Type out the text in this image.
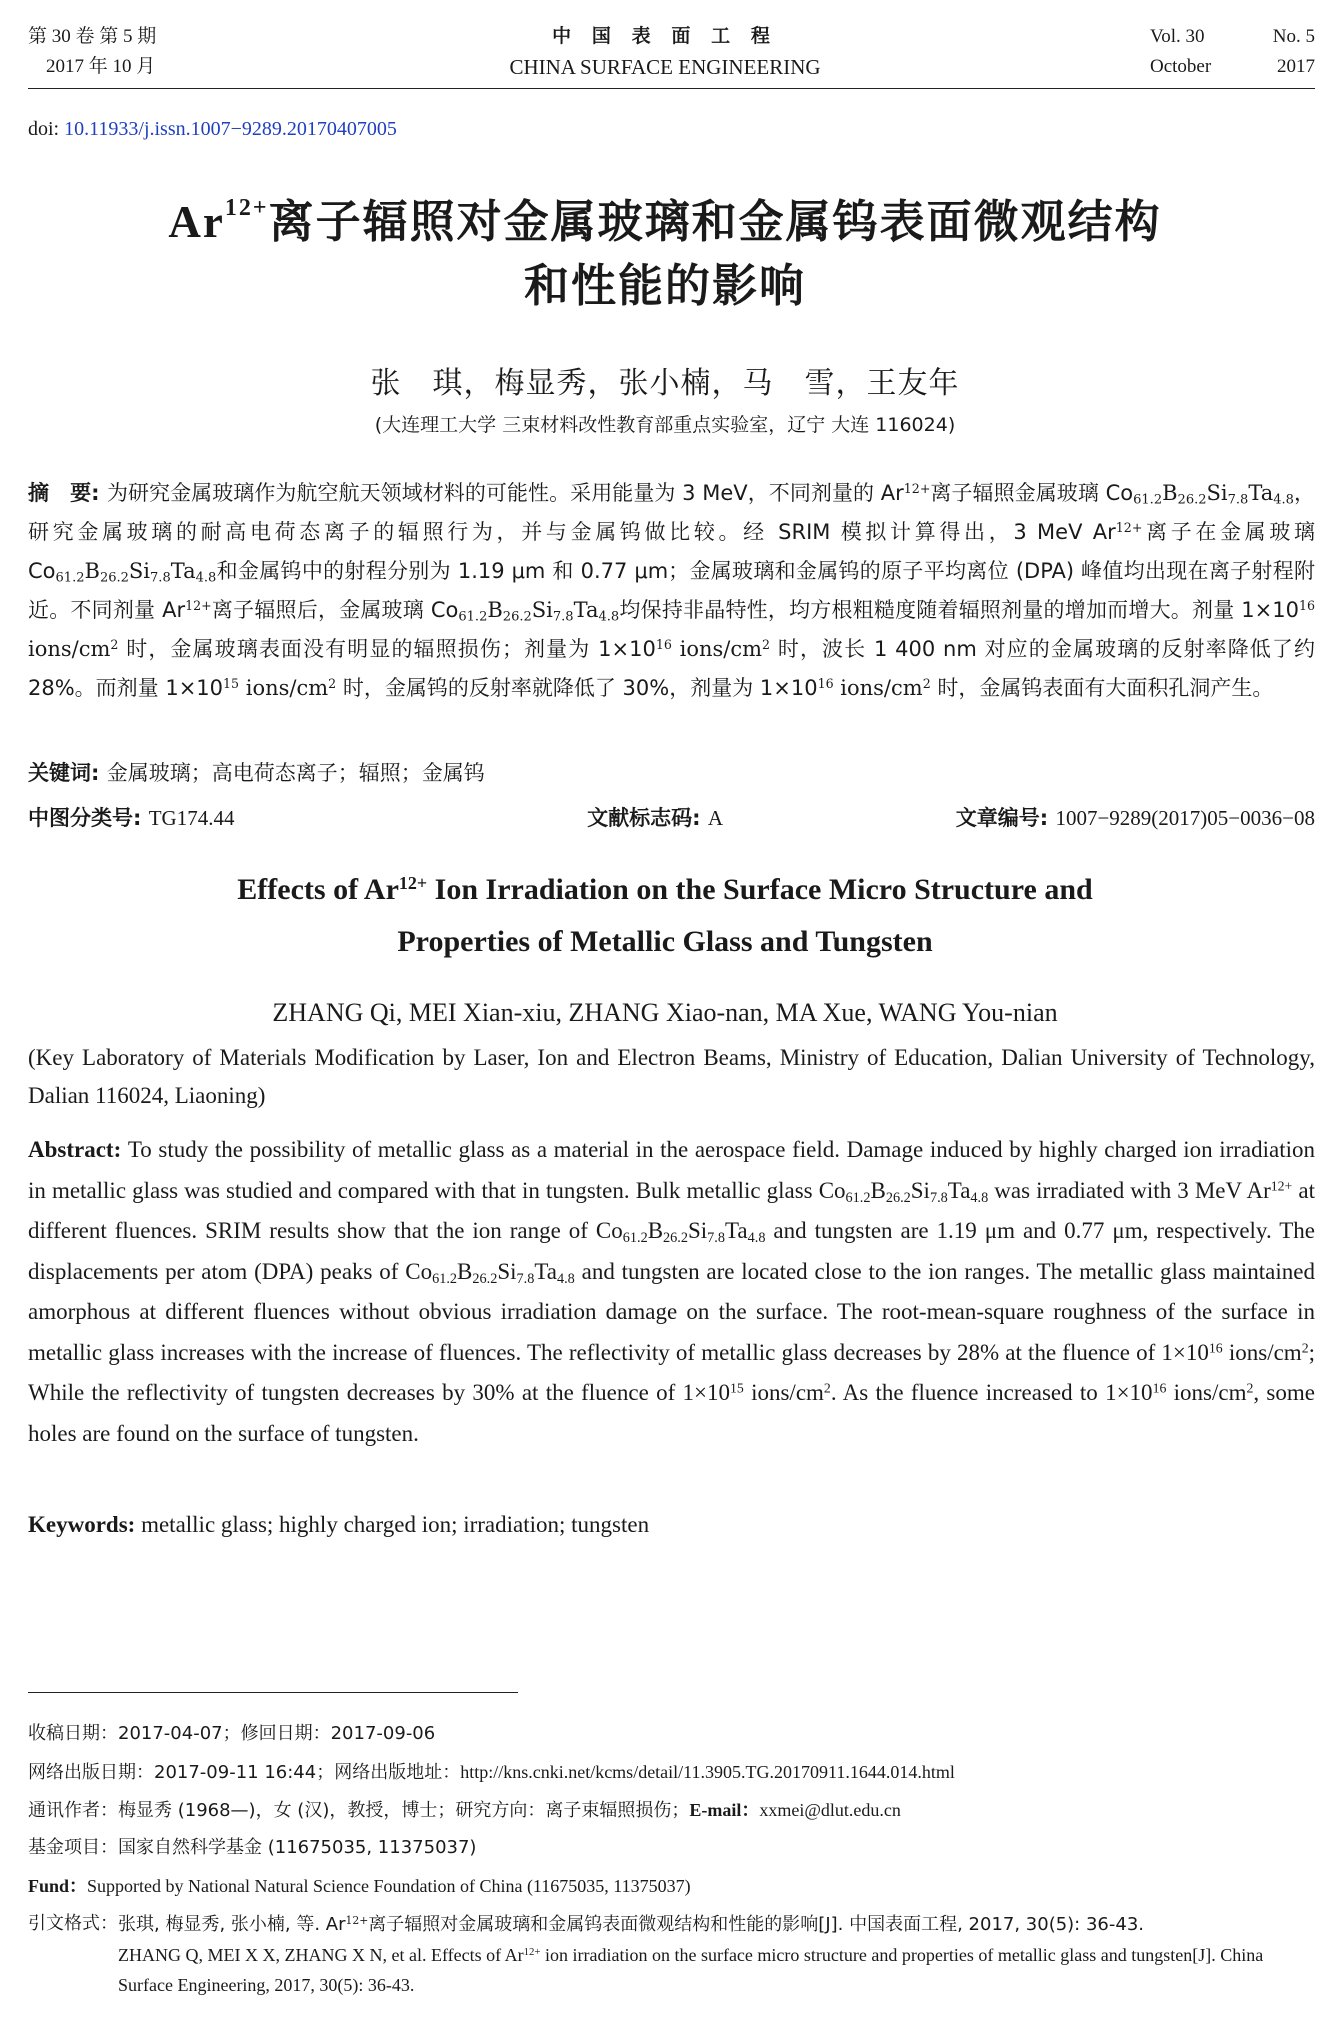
第 30 卷 第 5 期
2017 年 10 月
中 国 表 面 工 程
CHINA SURFACE ENGINEERING
Vol. 30	No. 5
October	2017
doi: 10.11933/j.issn.1007−9289.20170407005
$Ar^{12+}$离子辐照对金属玻璃和金属钨表面微观结构
和性能的影响
张　琪，梅显秀，张小楠，马　雪，王友年
(大连理工大学 三束材料改性教育部重点实验室，辽宁 大连 116024)
摘　要: 为研究金属玻璃作为航空航天领域材料的可能性。采用能量为 3 MeV，不同剂量的 $Ar^{12+}$离子辐照金属玻璃 $Co_{61.2}B_{26.2}Si_{7.8}Ta_{4.8}$，研究金属玻璃的耐高电荷态离子的辐照行为，并与金属钨做比较。经 SRIM 模拟计算得出，3 MeV $Ar^{12+}$离子在金属玻璃 $Co_{61.2}B_{26.2}Si_{7.8}Ta_{4.8}$和金属钨中的射程分别为 1.19 μm 和 0.77 μm；金属玻璃和金属钨的原子平均离位 (DPA) 峰值均出现在离子射程附近。不同剂量 $Ar^{12+}$离子辐照后，金属玻璃 $Co_{61.2}B_{26.2}Si_{7.8}Ta_{4.8}$均保持非晶特性，均方根粗糙度随着辐照剂量的增加而增大。剂量 $1\times 10^{16}$ ions/$cm^2$ 时，金属玻璃表面没有明显的辐照损伤；剂量为 $1\times 10^{16}$ ions/$cm^2$ 时，波长 1 400 nm 对应的金属玻璃的反射率降低了约 28%。而剂量 $1\times 10^{15}$ ions/$cm^2$ 时，金属钨的反射率就降低了 30%，剂量为 $1\times 10^{16}$ ions/$cm^2$ 时，金属钨表面有大面积孔洞产生。
关键词: 金属玻璃；高电荷态离子；辐照；金属钨
中图分类号: TG174.44	文献标志码: A	文章编号: 1007−9289(2017)05−0036−08
Effects of $Ar^{12+}$ Ion Irradiation on the Surface Micro Structure and
Properties of Metallic Glass and Tungsten
ZHANG Qi, MEI Xian-xiu, ZHANG Xiao-nan, MA Xue, WANG You-nian
(Key Laboratory of Materials Modification by Laser, Ion and Electron Beams, Ministry of Education, Dalian University of Technology, Dalian 116024, Liaoning)
Abstract: To study the possibility of metallic glass as a material in the aerospace field. Damage induced by highly charged ion irradiation in metallic glass was studied and compared with that in tungsten. Bulk metallic glass $Co_{61.2}B_{26.2}Si_{7.8}Ta_{4.8}$ was irradiated with 3 MeV $Ar^{12+}$ at different fluences. SRIM results show that the ion range of $Co_{61.2}B_{26.2}Si_{7.8}Ta_{4.8}$ and tungsten are 1.19 μm and 0.77 μm, respectively. The displacements per atom (DPA) peaks of $Co_{61.2}B_{26.2}Si_{7.8}Ta_{4.8}$ and tungsten are located close to the ion ranges. The metallic glass maintained amorphous at different fluences without obvious irradiation damage on the surface. The root-mean-square roughness of the surface in metallic glass increases with the increase of fluences. The reflectivity of metallic glass decreases by 28% at the fluence of $1\times 10^{16}$ ions/$cm^2$; While the reflectivity of tungsten decreases by 30% at the fluence of $1\times 10^{15}$ ions/$cm^2$. As the fluence increased to $1\times 10^{16}$ ions/$cm^2$, some holes are found on the surface of tungsten.
Keywords: metallic glass; highly charged ion; irradiation; tungsten
收稿日期：2017-04-07；修回日期：2017-09-06
网络出版日期：2017-09-11 16:44；网络出版地址：http://kns.cnki.net/kcms/detail/11.3905.TG.20170911.1644.014.html
通讯作者：梅显秀 (1968—)，女 (汉)，教授，博士；研究方向：离子束辐照损伤；E-mail：xxmei@dlut.edu.cn
基金项目：国家自然科学基金 (11675035, 11375037)
Fund：Supported by National Natural Science Foundation of China (11675035, 11375037)
引文格式： 张琪, 梅显秀, 张小楠, 等. $Ar^{12+}$离子辐照对金属玻璃和金属钨表面微观结构和性能的影响[J]. 中国表面工程, 2017, 30(5): 36-43.
ZHANG Q, MEI X X, ZHANG X N, et al. Effects of $Ar^{12+}$ ion irradiation on the surface micro structure and properties of metallic glass and tungsten[J]. China Surface Engineering, 2017, 30(5): 36-43.
